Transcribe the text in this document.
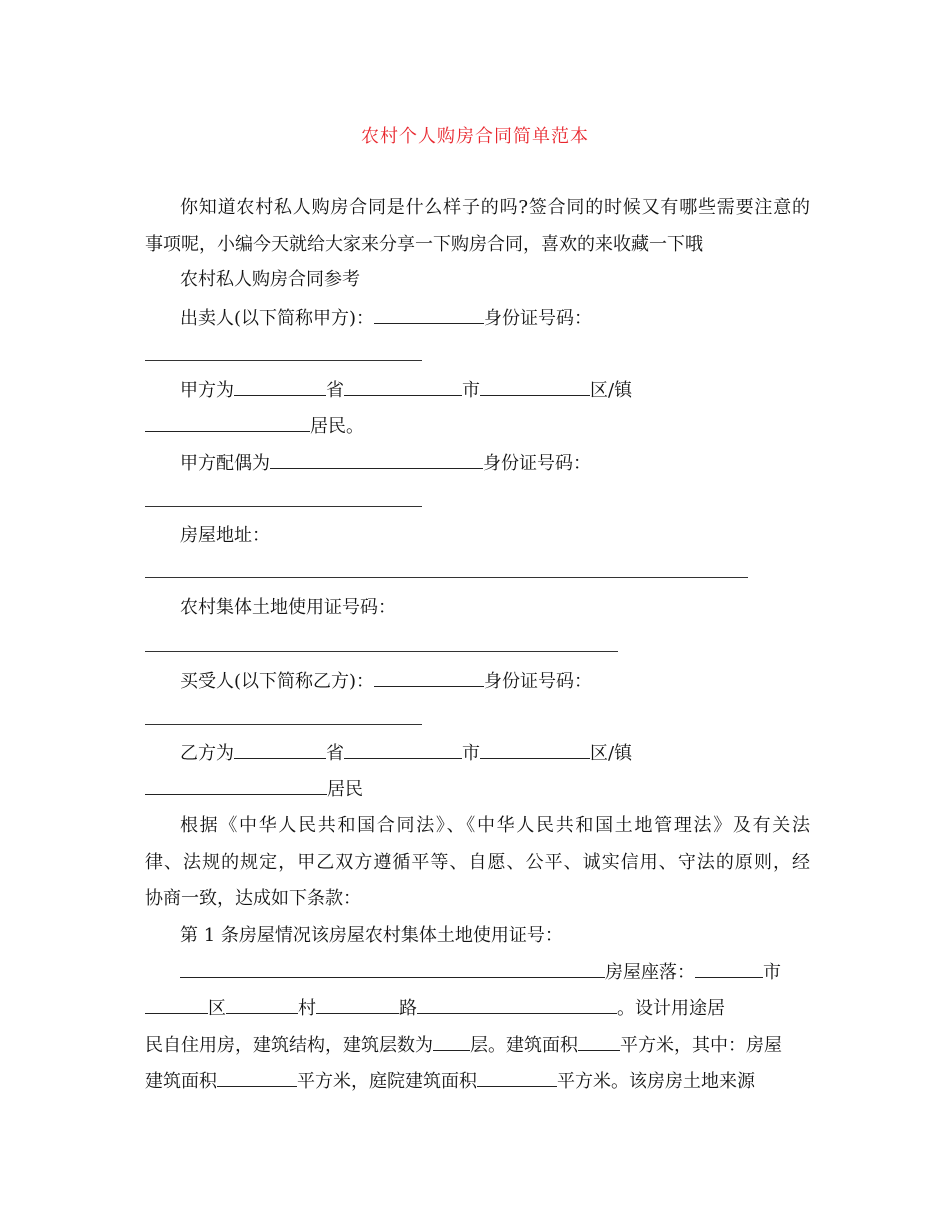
农村个人购房合同简单范本
你知道农村私人购房合同是什么样子的吗?签合同的时候又有哪些需要注意的
事项呢，小编今天就给大家来分享一下购房合同，喜欢的来收藏一下哦
农村私人购房合同参考
出卖人(以下简称甲方)：	身份证号码：
甲方为	省	市	区/镇
居民。
甲方配偶为	身份证号码：
房屋地址：
农村集体土地使用证号码：
买受人(以下简称乙方)：	身份证号码：
乙方为	省	市	区/镇
居民
根据《中华人民共和国合同法》、《中华人民共和国土地管理法》及有关法
律、法规的规定，甲乙双方遵循平等、自愿、公平、诚实信用、守法的原则，经
协商一致，达成如下条款：
第 1 条房屋情况该房屋农村集体土地使用证号：
房屋座落：	市
区	村	路	。设计用途居
民自住用房，建筑结构，建筑层数为 层。建筑面积 平方米，其中：房屋
建筑面积	平方米，庭院建筑面积	平方米。该房房土地来源
